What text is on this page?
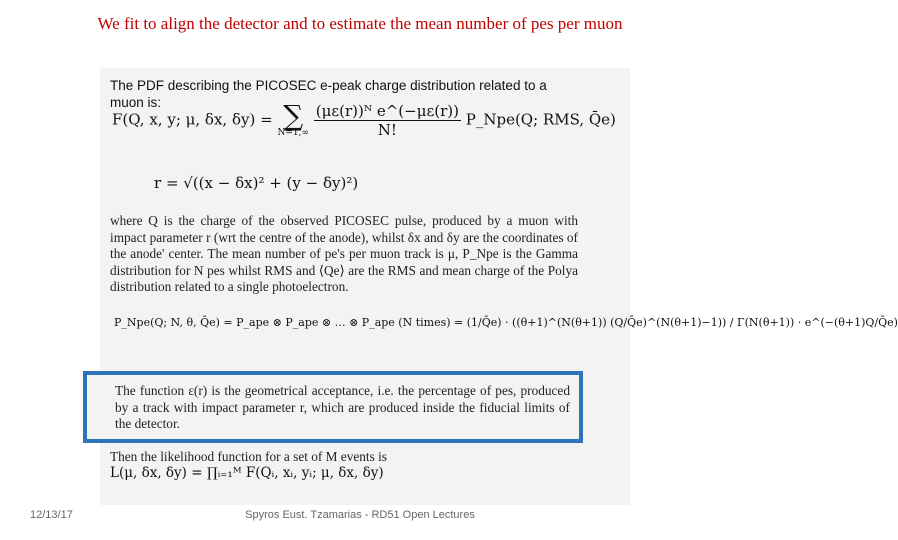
We fit to align the detector and to estimate the mean number of pes per muon
The PDF describing the PICOSEC e-peak charge distribution related to a muon is:
F(Q, x, y; μ, δx, δy) = ∑
N=1,∞
$\frac{\text{(με(r))ᴺ e\textasciicircum{}(−με(r))}}{N!}$ P_Npe(Q; RMS, Q̄e)
r = √((x − δx)² + (y − δy)²)
where Q is the charge of the observed PICOSEC pulse, produced by a muon with impact parameter r (wrt the centre of the anode), whilst δx and δy are the coordinates of the anode' center. The mean number of pe's per muon track is μ, P_Npe is the Gamma distribution for N pes whilst RMS and ⟨Qe⟩ are the RMS and mean charge of the Polya distribution related to a single photoelectron.
P_Npe(Q; N, θ, Q̄e) = P_ape ⊗ P_ape ⊗ … ⊗ P_ape (N times) = (1/Q̄e) · ((θ+1)^(N(θ+1)) (Q/Q̄e)^(N(θ+1)−1)) / Γ(N(θ+1)) · e^(−(θ+1)Q/Q̄e)

The function ε(r) is the geometrical acceptance, i.e. the percentage of pes, produced by a track with impact parameter r, which are produced inside the fiducial limits of the detector.

Then the likelihood function for a set of M events is
L(μ, δx, δy) = ∏ᵢ₌₁ᴹ F(Qᵢ, xᵢ, yᵢ; μ, δx, δy)
12/13/17	Spyros Eust. Tzamarias - RD51 Open Lectures
